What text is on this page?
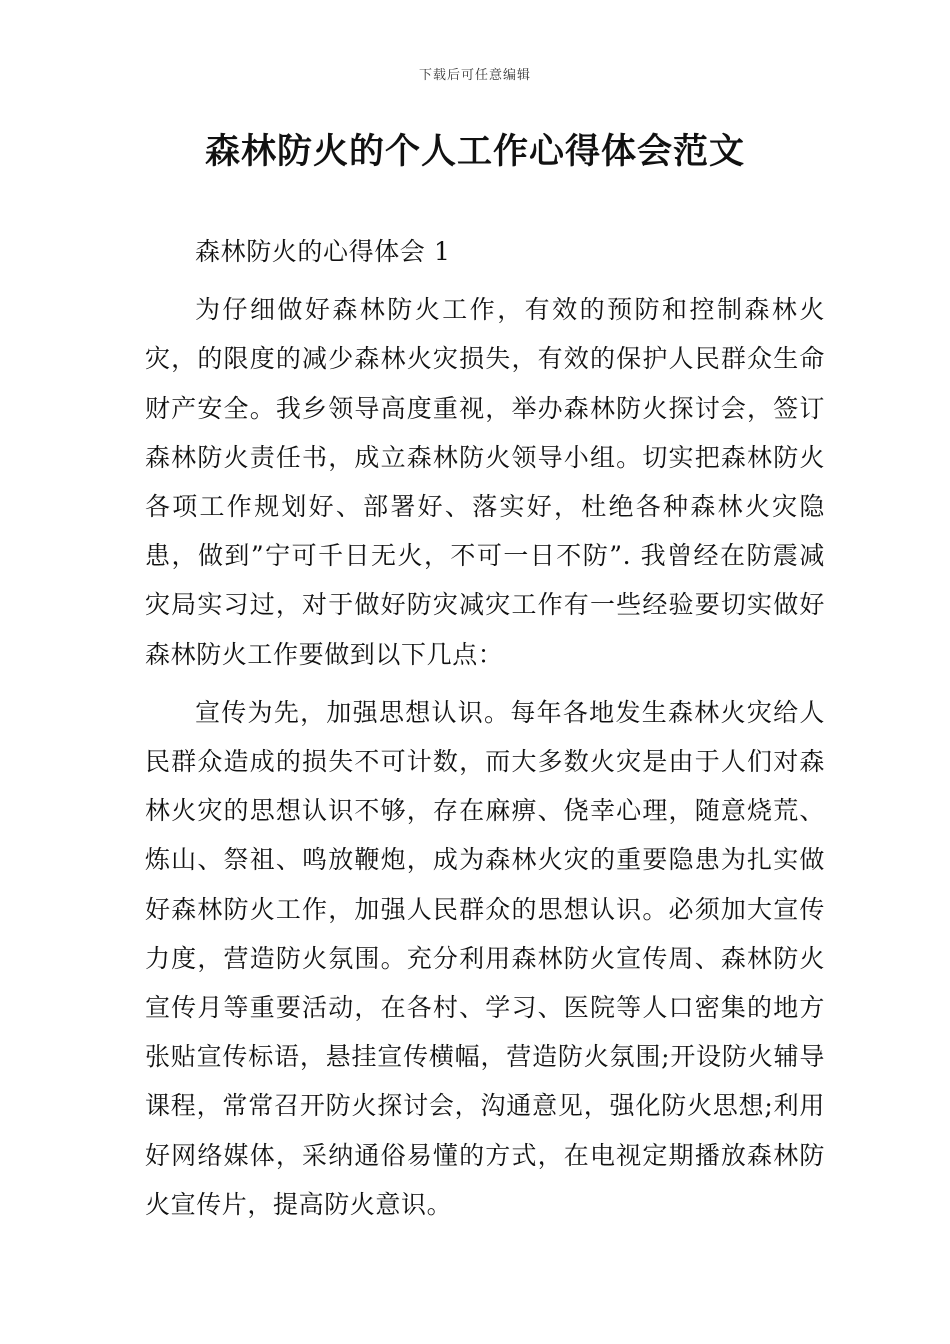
下载后可任意编辑
森林防火的个人工作心得体会范文

森林防火的心得体会 1

为仔细做好森林防火工作，有效的预防和控制森林火灾，的限度的减少森林火灾损失，有效的保护人民群众生命财产安全。我乡领导高度重视，举办森林防火探讨会，签订森林防火责任书，成立森林防火领导小组。切实把森林防火各项工作规划好、部署好、落实好，杜绝各种森林火灾隐患，做到”宁可千日无火，不可一日不防”. 我曾经在防震减灾局实习过，对于做好防灾减灾工作有一些经验要切实做好森林防火工作要做到以下几点：

宣传为先，加强思想认识。每年各地发生森林火灾给人民群众造成的损失不可计数，而大多数火灾是由于人们对森林火灾的思想认识不够，存在麻痹、侥幸心理，随意烧荒、炼山、祭祖、鸣放鞭炮，成为森林火灾的重要隐患为扎实做好森林防火工作，加强人民群众的思想认识。必须加大宣传力度，营造防火氛围。充分利用森林防火宣传周、森林防火宣传月等重要活动，在各村、学习、医院等人口密集的地方张贴宣传标语，悬挂宣传横幅，营造防火氛围;开设防火辅导课程，常常召开防火探讨会，沟通意见，强化防火思想;利用好网络媒体，采纳通俗易懂的方式，在电视定期播放森林防火宣传片，提高防火意识。
